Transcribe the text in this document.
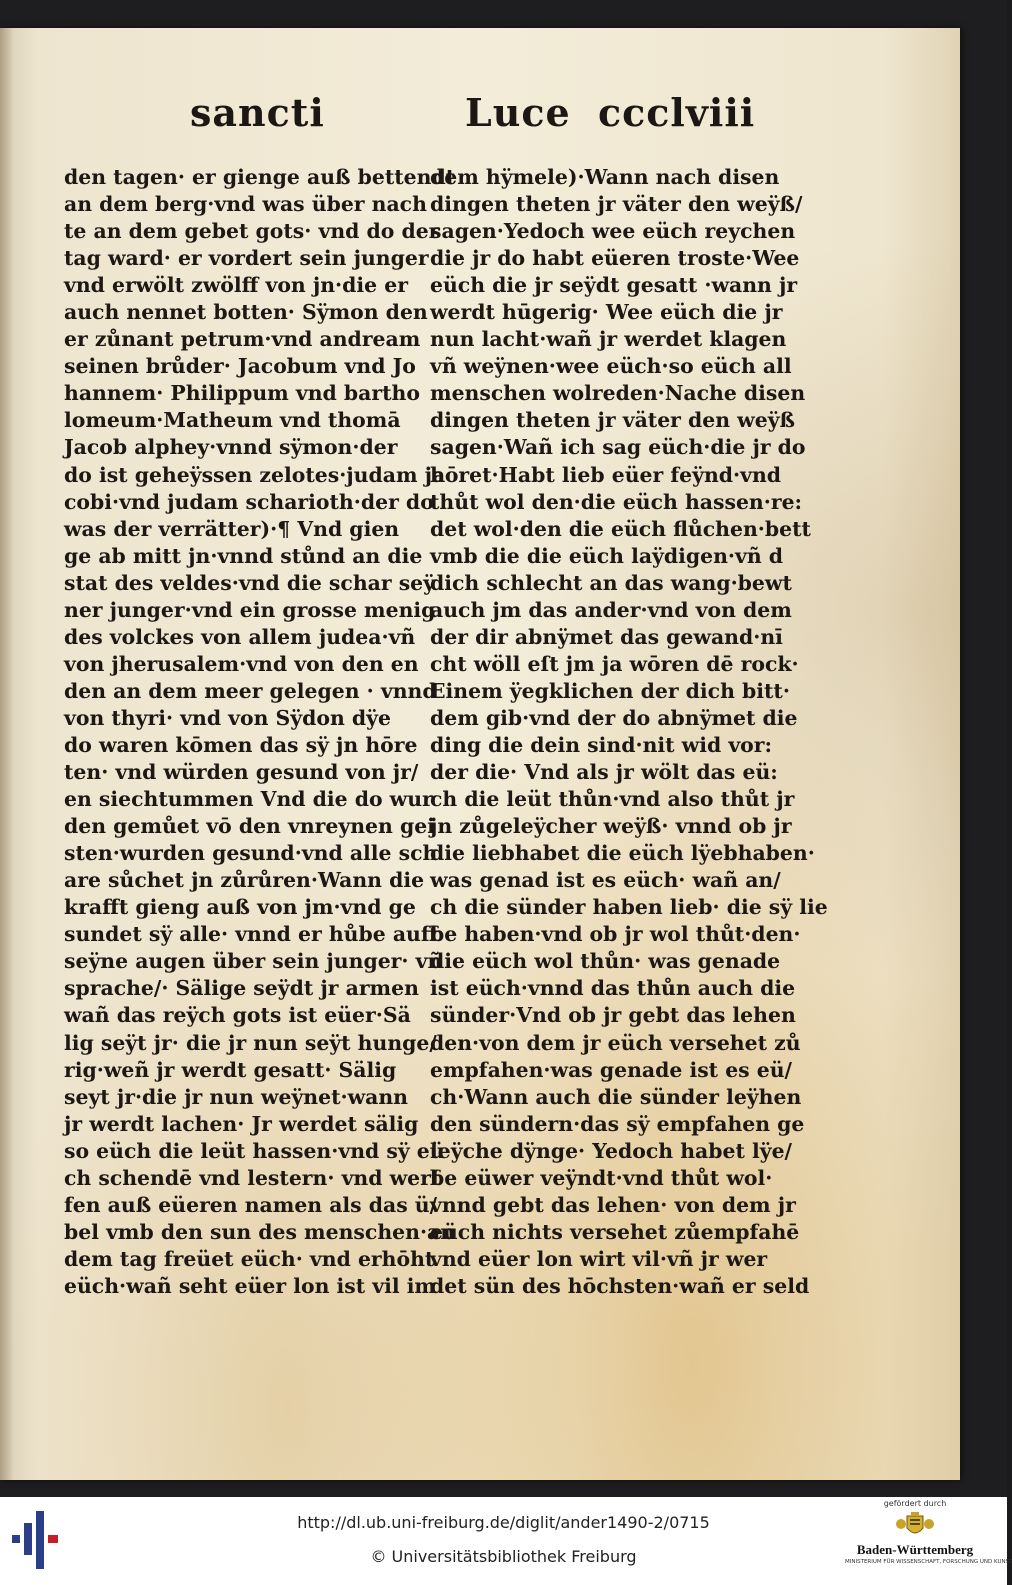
sancti	Luce ccclviii
den tagen· er gienge auß bettendt
an dem berg·vnd was über nach
te an dem gebet gots· vnd do der
tag ward· er vordert sein junger
vnd erwölt zwölff von jn·die er
auch nennet botten· Sÿmon den
er zůnant petrum·vnd andream
seinen brůder· Jacobum vnd Jo
hannem· Philippum vnd bartho
lomeum·Matheum vnd thomā
Jacob alphey·vnnd sÿmon·der
do ist geheÿssen zelotes·judam ja
cobi·vnd judam scharioth·der do
was der verrätter)·¶ Vnd gien
ge ab mitt jn·vnnd stůnd an die
stat des veldes·vnd die schar seÿ
ner junger·vnd ein grosse menig
des volckes von allem judea·vñ
von jherusalem·vnd von den en
den an dem meer gelegen · vnnd
von thyri· vnd von Sÿdon dÿe
do waren kōmen das sÿ jn hōre
ten· vnd würden gesund von jr/
en siechtummen Vnd die do wur
den gemůet vō den vnreynen gei
sten·wurden gesund·vnd alle sch
are sůchet jn zůrůren·Wann die
krafft gieng auß von jm·vnd ge
sundet sÿ alle· vnnd er hůbe auff
seÿne augen über sein junger· vñ
sprache/· Sälige seÿdt jr armen
wañ das reÿch gots ist eüer·Sä
lig seÿt jr· die jr nun seÿt hunge/
rig·weñ jr werdt gesatt· Sälig
seyt jr·die jr nun weÿnet·wann
jr werdt lachen· Jr werdet sälig
so eüch die leüt hassen·vnd sÿ eü
ch schendē vnd lestern· vnd werf
fen auß eüeren namen als das ü/
bel vmb den sun des menschen·an
dem tag freüet eüch· vnd erhōht
eüch·wañ seht eüer lon ist vil im
dem hÿmele)·Wann nach disen
dingen theten jr väter den weÿß/
sagen·Yedoch wee eüch reychen
die jr do habt eüeren troste·Wee
eüch die jr seÿdt gesatt ·wann jr
werdt hūgerig· Wee eüch die jr
nun lacht·wañ jr werdet klagen
vñ weÿnen·wee eüch·so eüch all
menschen wolreden·Nache disen
dingen theten jr väter den weÿß
sagen·Wañ ich sag eüch·die jr do
hōret·Habt lieb eüer feÿnd·vnd
thůt wol den·die eüch hassen·re:
det wol·den die eüch flůchen·bett
vmb die die eüch laÿdigen·vñ d
dich schlecht an das wang·bewt
auch jm das ander·vnd von dem
der dir abnÿmet das gewand·nī
cht wöll eſt jm ja wōren dē rock·
Einem ÿegklichen der dich bitt·
dem gib·vnd der do abnÿmet die
ding die dein sind·nit wid vor:
der die· Vnd als jr wölt das eü:
ch die leüt thůn·vnd also thůt jr
jn zůgeleÿcher weÿß· vnnd ob jr
die liebhabet die eüch lÿebhaben·
was genad ist es eüch· wañ an/
ch die sünder haben lieb· die sÿ lie
be haben·vnd ob jr wol thůt·den·
die eüch wol thůn· was genade
ist eüch·vnnd das thůn auch die
sünder·Vnd ob jr gebt das lehen
den·von dem jr eüch versehet zů
empfahen·was genade ist es eü/
ch·Wann auch die sünder leÿhen
den sündern·das sÿ empfahen ge
leÿche dÿnge· Yedoch habet lÿe/
be eüwer veÿndt·vnd thůt wol·
vnnd gebt das lehen· von dem jr
eüch nichts versehet zůempfahē
vnd eüer lon wirt vil·vñ jr wer
det sün des hōchsten·wañ er seld
http://dl.ub.uni-freiburg.de/diglit/ander1490-2/0715
© Universitätsbibliothek Freiburg
gefördert durch
Baden-Württemberg
MINISTERIUM FÜR WISSENSCHAFT, FORSCHUNG UND KUNST
